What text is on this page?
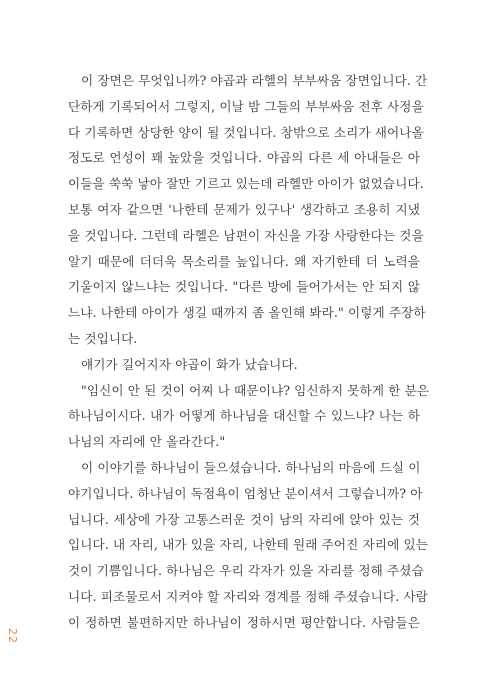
이 장면은 무엇입니까? 야곱과 라헬의 부부싸움 장면입니다. 간
단하게 기록되어서 그렇지, 이날 밤 그들의 부부싸움 전후 사정을
다 기록하면 상당한 양이 될 것입니다. 창밖으로 소리가 새어나올
정도로 언성이 꽤 높았을 것입니다. 야곱의 다른 세 아내들은 아
이들을 쑥쑥 낳아 잘만 기르고 있는데 라헬만 아이가 없었습니다.
보통 여자 같으면 '나한테 문제가 있구나' 생각하고 조용히 지냈
을 것입니다. 그런데 라헬은 남편이 자신을 가장 사랑한다는 것을
알기 때문에 더더욱 목소리를 높입니다. 왜 자기한테 더 노력을
기울이지 않느냐는 것입니다. "다른 방에 들어가서는 안 되지 않
느냐. 나한테 아이가 생길 때까지 좀 올인해 봐라." 이렇게 주장하
는 것입니다.
얘기가 길어지자 야곱이 화가 났습니다.
"임신이 안 된 것이 어찌 나 때문이냐? 임신하지 못하게 한 분은
하나님이시다. 내가 어떻게 하나님을 대신할 수 있느냐? 나는 하
나님의 자리에 안 올라간다."
이 이야기를 하나님이 들으셨습니다. 하나님의 마음에 드실 이
야기입니다. 하나님이 독점욕이 엄청난 분이셔서 그렇습니까? 아
닙니다. 세상에 가장 고통스러운 것이 남의 자리에 앉아 있는 것
입니다. 내 자리, 내가 있을 자리, 나한테 원래 주어진 자리에 있는
것이 기쁨입니다. 하나님은 우리 각자가 있을 자리를 정해 주셨습
니다. 피조물로서 지켜야 할 자리와 경계를 정해 주셨습니다. 사람
이 정하면 불편하지만 하나님이 정하시면 평안합니다. 사람들은
22
